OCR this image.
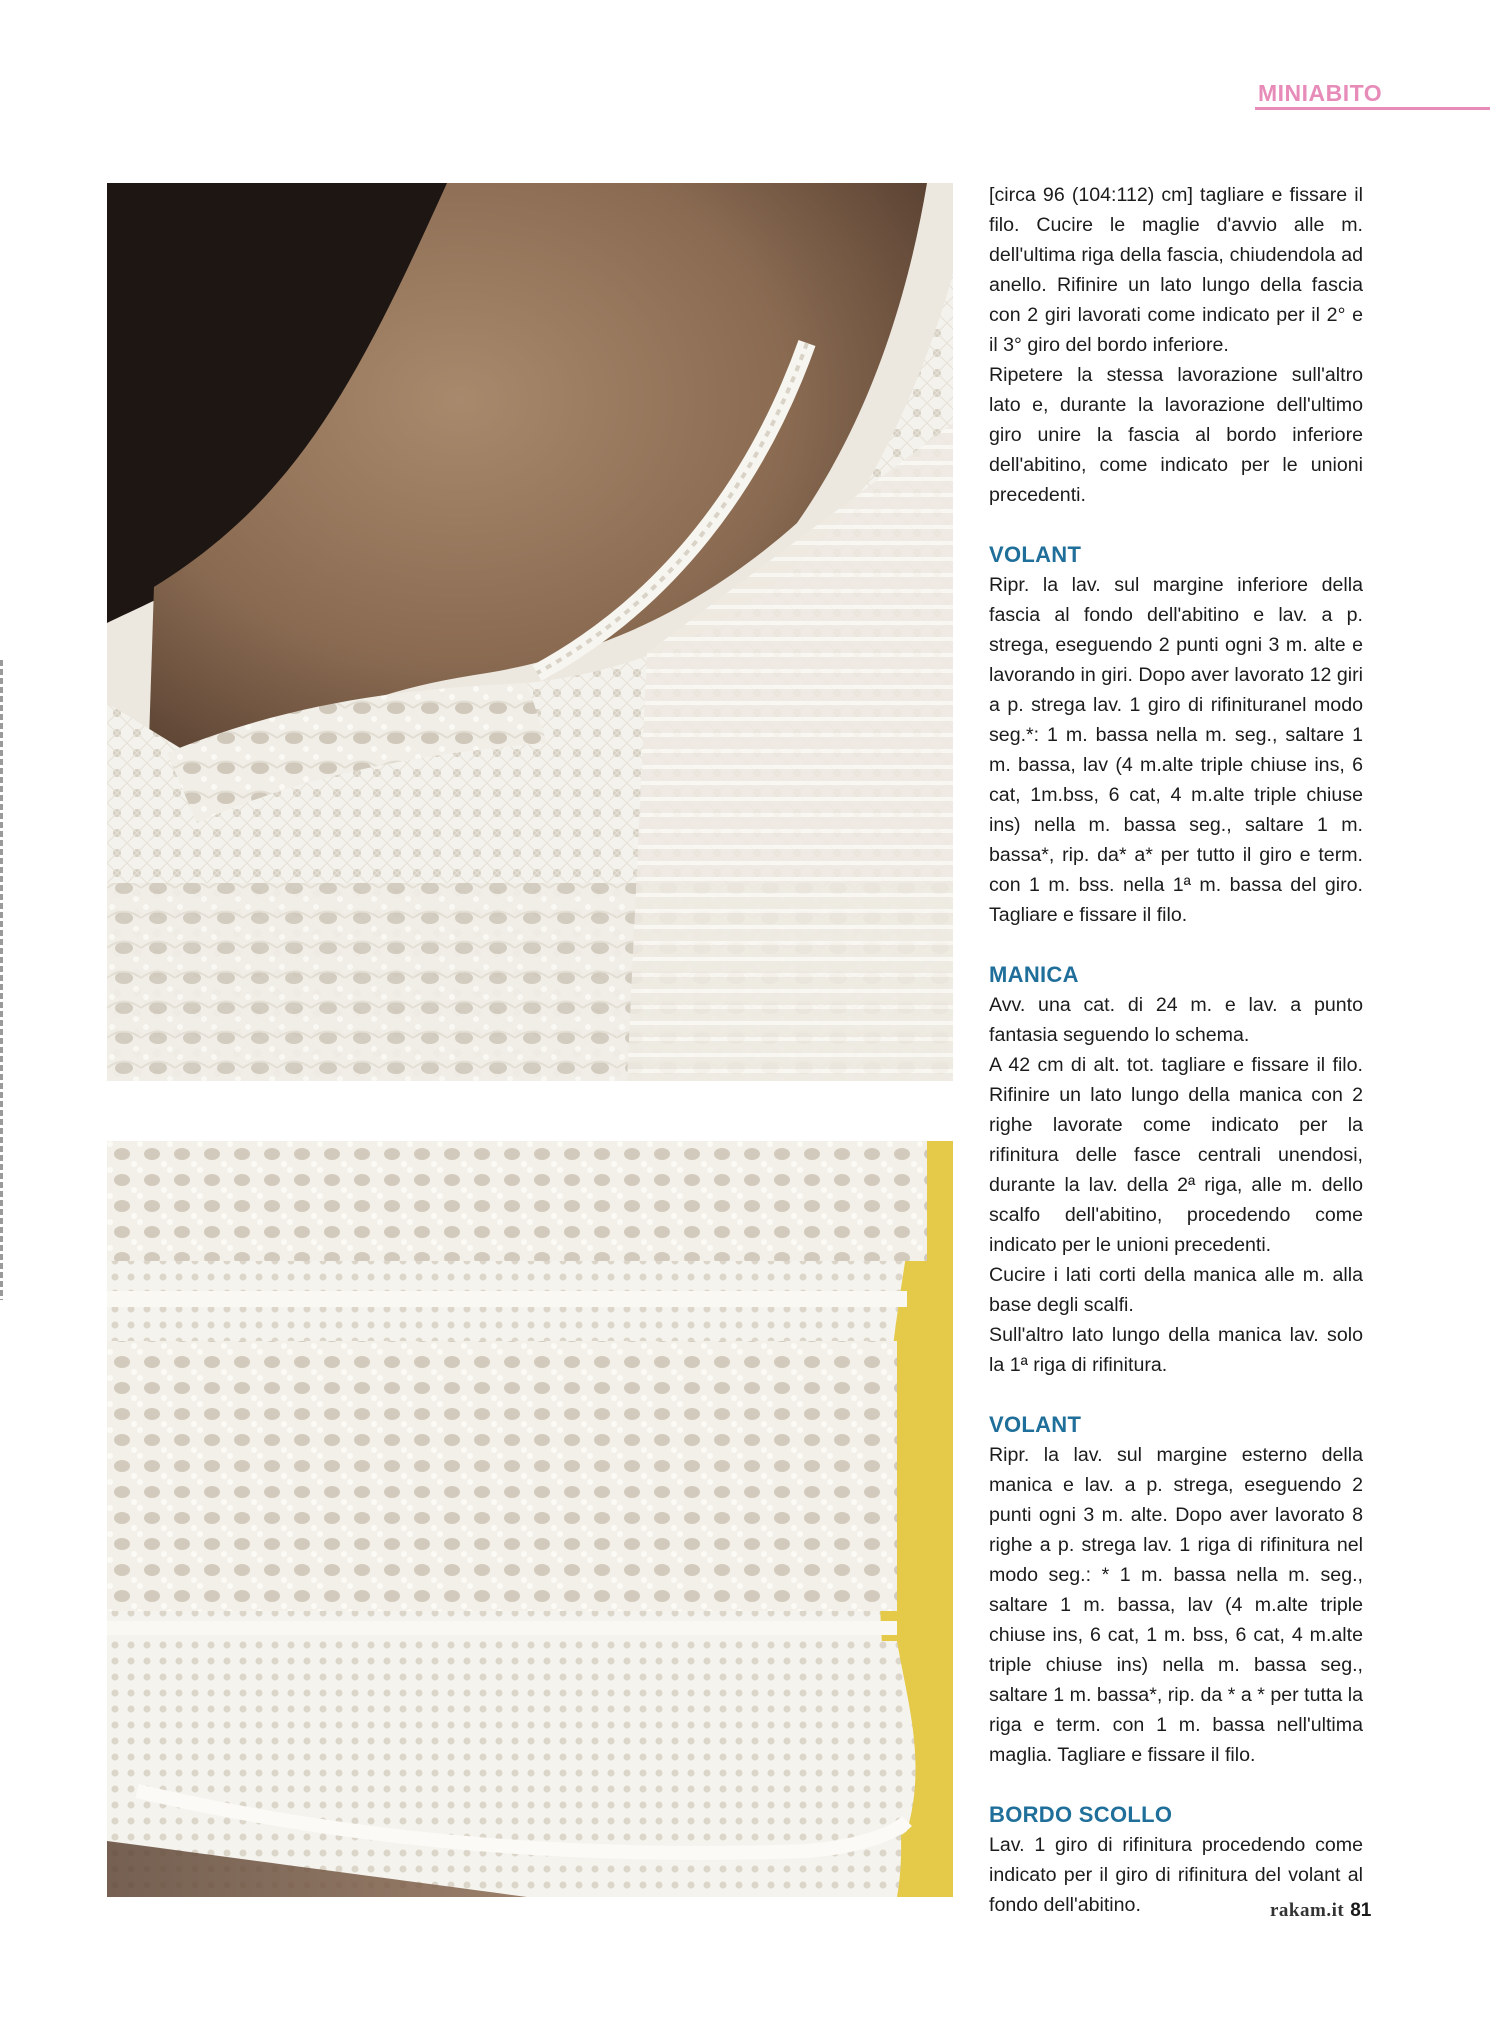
MINIABITO

[circa 96 (104:112) cm] tagliare e fissare il filo. Cucire le maglie d'avvio alle m. dell'ultima riga della fascia, chiudendola ad anello. Rifinire un lato lungo della fascia con 2 giri lavorati come indicato per il 2° e il 3° giro del bordo inferiore.

Ripetere la stessa lavorazione sull'altro lato e, durante la lavorazione dell'ultimo giro unire la fascia al bordo inferiore dell'abitino, come indicato per le unioni precedenti.

VOLANT

Ripr. la lav. sul margine inferiore della fascia al fondo dell'abitino e lav. a p. strega, eseguendo 2 punti ogni 3 m. alte e lavorando in giri. Dopo aver lavorato 12 giri a p. strega lav. 1 giro di rifinituranel modo seg.*: 1 m. bassa nella m. seg., saltare 1 m. bassa, lav (4 m.alte triple chiuse ins, 6 cat, 1m.bss, 6 cat, 4 m.alte triple chiuse ins) nella m. bassa seg., saltare 1 m. bassa*, rip. da* a* per tutto il giro e term. con 1 m. bss. nella 1ª m. bassa del giro. Tagliare e fissare il filo.

MANICA

Avv. una cat. di 24 m. e lav. a punto fantasia seguendo lo schema.

A 42 cm di alt. tot. tagliare e fissare il filo. Rifinire un lato lungo della manica con 2 righe lavorate come indicato per la rifinitura delle fasce centrali unendosi, durante la lav. della 2ª riga, alle m. dello scalfo dell'abitino, procedendo come indicato per le unioni precedenti.

Cucire i lati corti della manica alle m. alla base degli scalfi.

Sull'altro lato lungo della manica lav. solo la 1ª riga di rifinitura.

VOLANT

Ripr. la lav. sul margine esterno della manica e lav. a p. strega, eseguendo 2 punti ogni 3 m. alte. Dopo aver lavorato 8 righe a p. strega lav. 1 riga di rifinitura nel modo seg.: * 1 m. bassa nella m. seg., saltare 1 m. bassa, lav (4 m.alte triple chiuse ins, 6 cat, 1 m. bss, 6 cat, 4 m.alte triple chiuse ins) nella m. bassa seg., saltare 1 m. bassa*, rip. da * a * per tutta la riga e term. con 1 m. bassa nell'ultima maglia. Tagliare e fissare il filo.

BORDO SCOLLO

Lav. 1 giro di rifinitura procedendo come indicato per il giro di rifinitura del volant al fondo dell'abitino.	rakam.it 81
